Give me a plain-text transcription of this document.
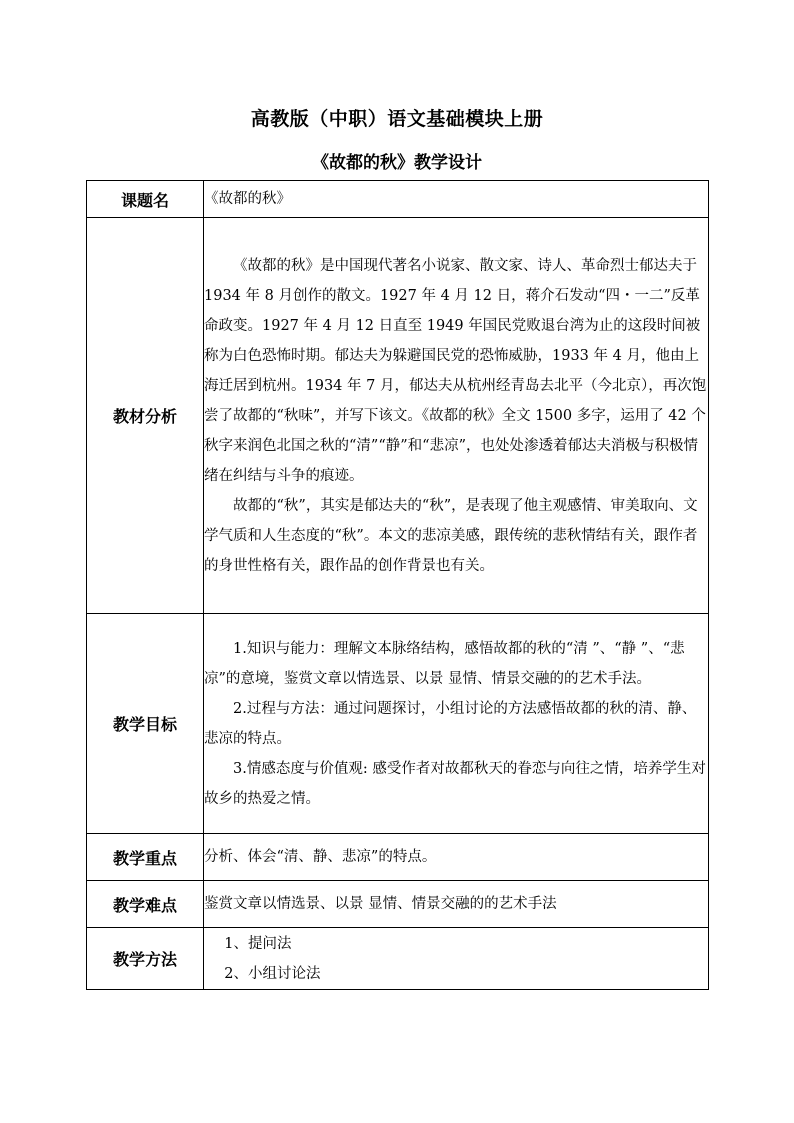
高教版（中职）语文基础模块上册
《故都的秋》教学设计
课题名	《故都的秋》

教材分析	《故都的秋》是中国现代著名小说家、散文家、诗人、革命烈士郁达夫于 1934 年 8 月创作的散文。1927 年 4 月 12 日，蒋介石发动“四・一二”反革命政变。1927 年 4 月 12 日直至 1949 年国民党败退台湾为止的这段时间被称为白色恐怖时期。郁达夫为躲避国民党的恐怖威胁，1933 年 4 月，他由上海迁居到杭州。1934 年 7 月，郁达夫从杭州经青岛去北平（今北京），再次饱尝了故都的“秋味”，并写下该文。《故都的秋》全文 1500 多字，运用了 42 个秋字来润色北国之秋的“清”“静”和“悲凉”，也处处渗透着郁达夫消极与积极情绪在纠结与斗争的痕迹。

故都的“秋”，其实是郁达夫的“秋”，是表现了他主观感情、审美取向、文学气质和人生态度的“秋”。本文的悲凉美感，跟传统的悲秋情结有关，跟作者的身世性格有关，跟作品的创作背景也有关。

教学目标	1.知识与能力：理解文本脉络结构，感悟故都的秋的“清 ”、“静 ”、“悲凉”的意境，鉴赏文章以情选景、以景 显情、情景交融的的艺术手法。

2.过程与方法：通过问题探讨，小组讨论的方法感悟故都的秋的清、静、悲凉的特点。

3.情感态度与价值观: 感受作者对故都秋天的眷恋与向往之情，培养学生对故乡的热爱之情。

教学重点	分析、体会“清、静、悲凉”的特点。

教学难点	鉴赏文章以情选景、以景 显情、情景交融的的艺术手法

教学方法	1、提问法

2、小组讨论法
